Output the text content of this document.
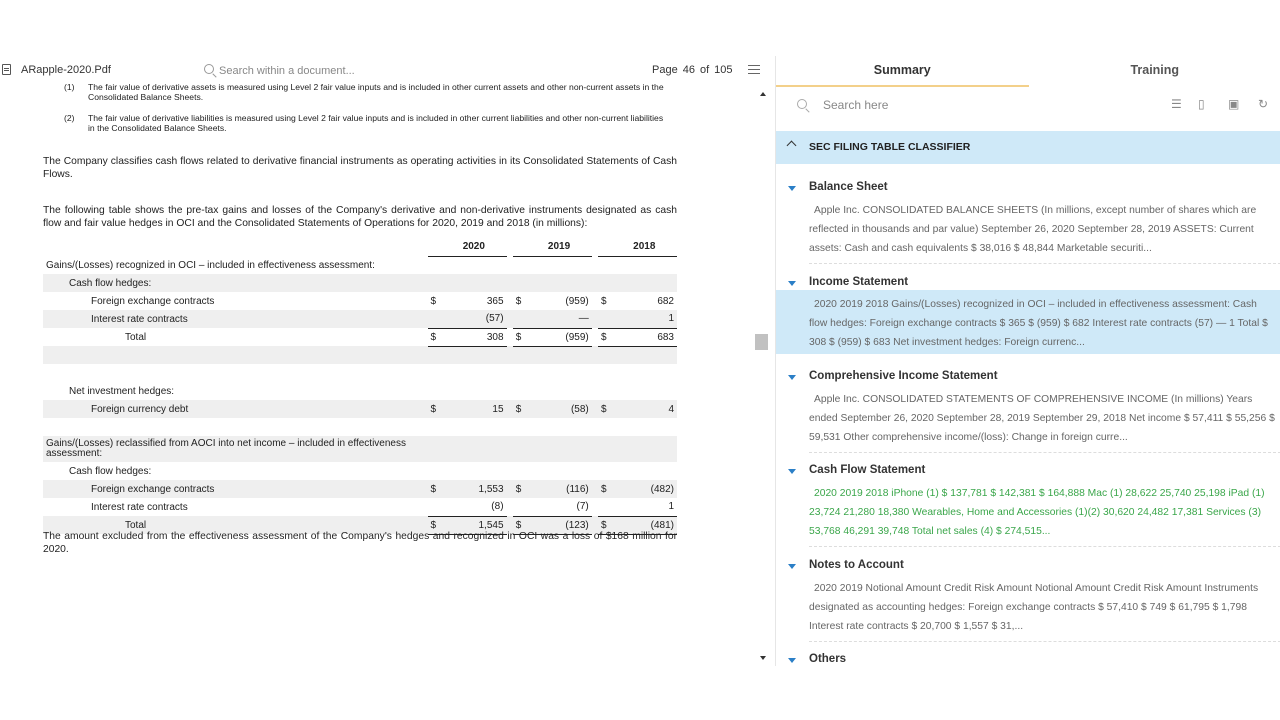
ARapple-2020.Pdf
Search within a document...	Page 46 of 105
(1) The fair value of derivative assets is measured using Level 2 fair value inputs and is included in other current assets and other non-current assets in the Consolidated Balance Sheets.
(2) The fair value of derivative liabilities is measured using Level 2 fair value inputs and is included in other current liabilities and other non-current liabilities in the Consolidated Balance Sheets.
The Company classifies cash flows related to derivative financial instruments as operating activities in its Consolidated Statements of Cash Flows.
The following table shows the pre-tax gains and losses of the Company's derivative and non-derivative instruments designated as cash flow and fair value hedges in OCI and the Consolidated Statements of Operations for 2020, 2019 and 2018 (in millions):
		2020			2019			2018
Gains/(Losses) recognized in OCI – included in effectiveness assessment:								
Cash flow hedges:								
Foreign exchange contracts	$	365		$	(959)		$	682
Interest rate contracts		(57)			—			1
Total	$	308		$	(959)		$	683

Net investment hedges:								
Foreign currency debt	$	15		$	(58)		$	4

Gains/(Losses) reclassified from AOCI into net income – included in effectiveness assessment:								
Cash flow hedges:								
Foreign exchange contracts	$	1,553		$	(116)		$	(482)
Interest rate contracts		(8)			(7)			1
Total	$	1,545		$	(123)		$	(481)
The amount excluded from the effectiveness assessment of the Company's hedges and recognized in OCI was a loss of $168 million for 2020.
Summary	Training
Search here
☰ ▯ ▣ ↻
SEC FILING TABLE CLASSIFIER
Balance Sheet
Apple Inc. CONSOLIDATED BALANCE SHEETS (In millions, except number of shares which are reflected in thousands and par value) September 26, 2020 September 28, 2019 ASSETS: Current assets: Cash and cash equivalents $ 38,016 $ 48,844 Marketable securiti...
Income Statement
2020 2019 2018 Gains/(Losses) recognized in OCI – included in effectiveness assessment: Cash flow hedges: Foreign exchange contracts $ 365 $ (959) $ 682 Interest rate contracts (57) — 1 Total $ 308 $ (959) $ 683 Net investment hedges: Foreign currenc...
Comprehensive Income Statement
Apple Inc. CONSOLIDATED STATEMENTS OF COMPREHENSIVE INCOME (In millions) Years ended September 26, 2020 September 28, 2019 September 29, 2018 Net income $ 57,411 $ 55,256 $ 59,531 Other comprehensive income/(loss): Change in foreign curre...
Cash Flow Statement
2020 2019 2018 iPhone (1) $ 137,781 $ 142,381 $ 164,888 Mac (1) 28,622 25,740 25,198 iPad (1) 23,724 21,280 18,380 Wearables, Home and Accessories (1)(2) 30,620 24,482 17,381 Services (3) 53,768 46,291 39,748 Total net sales (4) $ 274,515...
Notes to Account
2020 2019 Notional Amount Credit Risk Amount Notional Amount Credit Risk Amount Instruments designated as accounting hedges: Foreign exchange contracts $ 57,410 $ 749 $ 61,795 $ 1,798 Interest rate contracts $ 20,700 $ 1,557 $ 31,...
Others
